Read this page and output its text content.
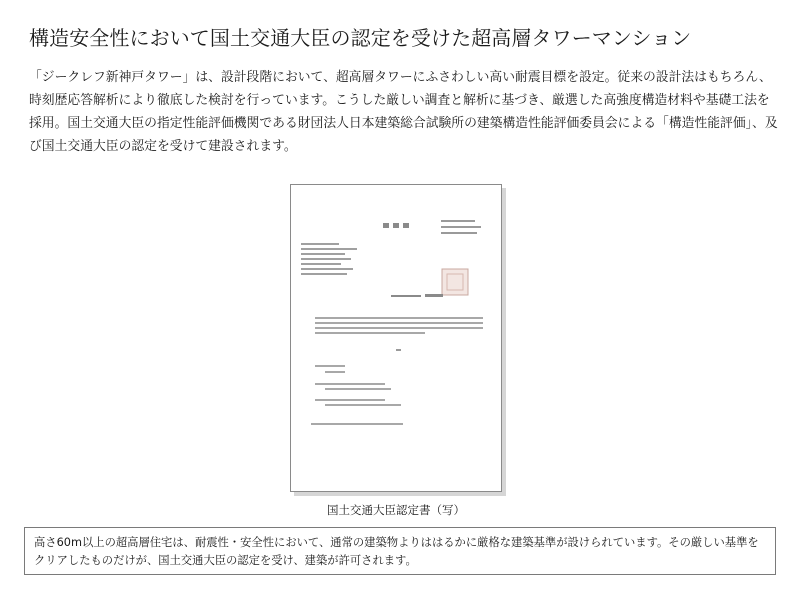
構造安全性において国土交通大臣の認定を受けた超高層タワーマンション

「ジークレフ新神戸タワー」は、設計段階において、超高層タワーにふさわしい高い耐震目標を設定。従来の設計法はもちろん、時刻歴応答解析により徹底した検討を行っています。こうした厳しい調査と解析に基づき、厳選した高強度構造材料や基礎工法を採用。国土交通大臣の指定性能評価機関である財団法人日本建築総合試験所の建築構造性能評価委員会による「構造性能評価」、及び国土交通大臣の認定を受けて建設されます。

国土交通大臣認定書（写）

高さ60m以上の超高層住宅は、耐震性・安全性において、通常の建築物よりははるかに厳格な建築基準が設けられています。その厳しい基準をクリアしたものだけが、国土交通大臣の認定を受け、建築が許可されます。
